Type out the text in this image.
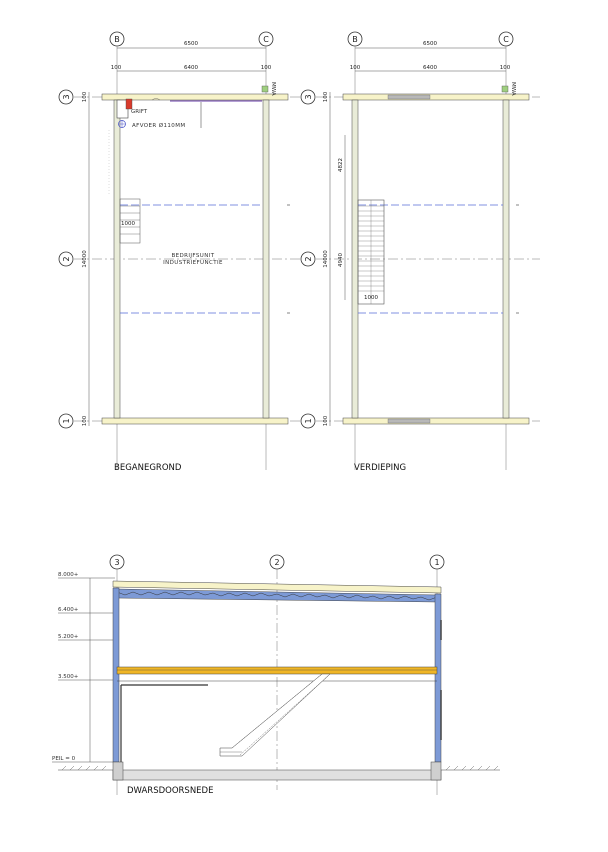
B	C
6500
6400
100	100
3
2
1
14000
100
100
1000
GRIFT
AFVOER Ø110MM
MWA
BEDRIJFSUNIT
INDUSTRIEFUNCTIE
BEGANEGROND
B	C
6500
6400
100	100
3
2
1
14000
100
100
4822
4940
1000
MWA
VERDIEPING
3	2	1
8.000+
6.400+
5.200+
3.500+
PEIL = 0
DWARSDOORSNEDE
